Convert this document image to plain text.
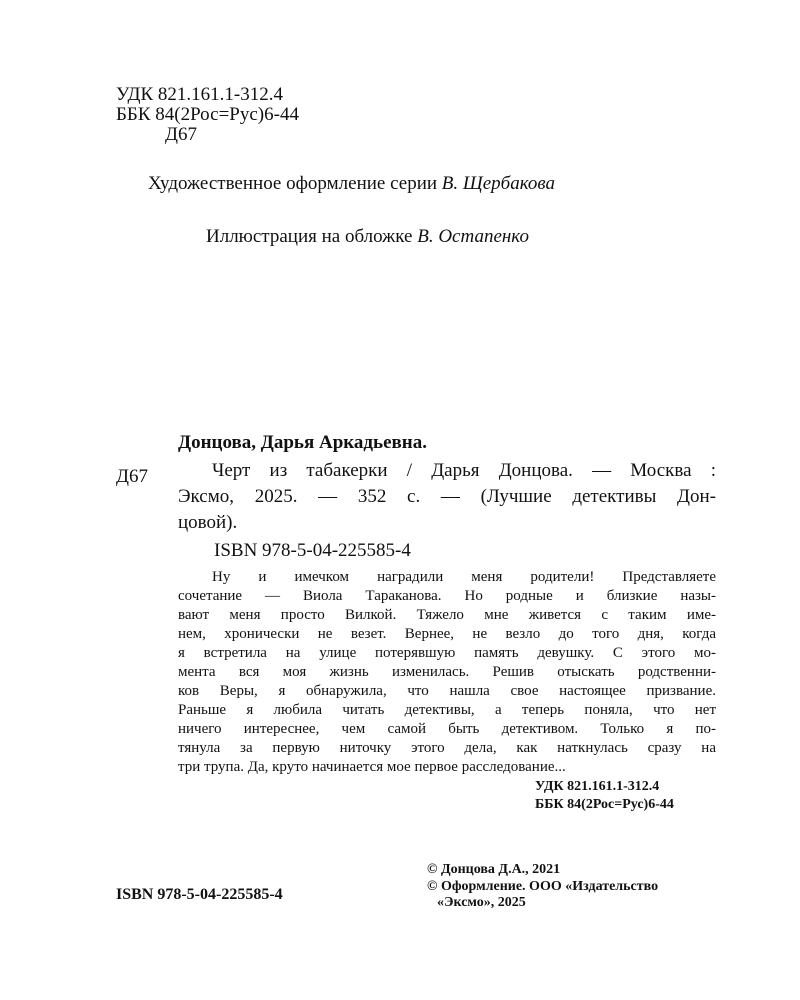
УДК 821.161.1-312.4
ББК 84(2Рос=Рус)6-44
Д67
Художественное оформление серии В. Щербакова
Иллюстрация на обложке В. Остапенко
Донцова, Дарья Аркадьевна.
Д67	Черт из табакерки / Дарья Донцова. — Москва :

Эксмо, 2025. — 352 с. — (Лучшие детективы Дон-

цовой).

ISBN 978-5-04-225585-4

Ну и имечком наградили меня родители! Представляете

сочетание — Виола Тараканова. Но родные и близкие назы-

вают меня просто Вилкой. Тяжело мне живется с таким име-

нем, хронически не везет. Вернее, не везло до того дня, когда

я встретила на улице потерявшую память девушку. С этого мо-

мента вся моя жизнь изменилась. Решив отыскать родственни-

ков Веры, я обнаружила, что нашла свое настоящее призвание.

Раньше я любила читать детективы, а теперь поняла, что нет

ничего интереснее, чем самой быть детективом. Только я по-

тянула за первую ниточку этого дела, как наткнулась сразу на

три трупа. Да, круто начинается мое первое расследование...

УДК 821.161.1-312.4
ББК 84(2Рос=Рус)6-44
ISBN 978-5-04-225585-4
© Донцова Д.А., 2021
© Оформление. ООО «Издательство
«Эксмо», 2025
